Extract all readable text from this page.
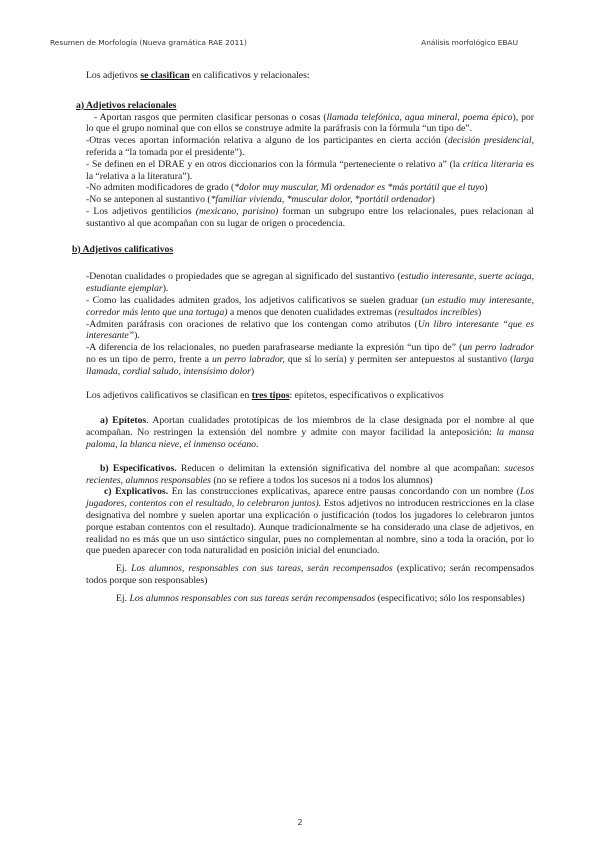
Resumen de Morfología (Nueva gramática RAE 2011)	Análisis morfológico EBAU

Los adjetivos se clasifican en calificativos y relacionales:

a) Adjetivos relacionales

- Aportan rasgos que permiten clasificar personas o cosas (llamada telefónica, agua mineral, poema épico), por lo que el grupo nominal que con ellos se construye admite la paráfrasis con la fórmula “un tipo de”.

-Otras veces aportan información relativa a alguno de los participantes en cierta acción (decisión presidencial, referida a “la tomada por el presidente”).

- Se definen en el DRAE y en otros diccionarios con la fórmula “perteneciente o relativo a” (la crítica literaria es la “relativa a la literatura”).

-No admiten modificadores de grado (*dolor muy muscular, Mi ordenador es *más portátil que el tuyo)

-No se anteponen al sustantivo (*familiar vivienda, *muscular dolor, *portátil ordenador)

- Los adjetivos gentilicios (mexicano, parisino) forman un subgrupo entre los relacionales, pues relacionan al sustantivo al que acompañan con su lugar de origen o procedencia.

b) Adjetivos calificativos

-Denotan cualidades o propiedades que se agregan al significado del sustantivo (estudio interesante, suerte aciaga, estudiante ejemplar).

- Como las cualidades admiten grados, los adjetivos calificativos se suelen graduar (un estudio muy interesante, corredor más lento que una tortuga) a menos que denoten cualidades extremas (resultados increíbles)

-Admiten paráfrasis con oraciones de relativo que los contengan como atributos (Un libro interesante “que es interesante”).

-A diferencia de los relacionales, no pueden parafrasearse mediante la expresión “un tipo de” (un perro ladrador no es un tipo de perro, frente a un perro labrador, que sí lo sería) y permiten ser antepuestos al sustantivo (larga llamada, cordial saludo, intensísimo dolor)

Los adjetivos calificativos se clasifican en tres tipos: epítetos, especificativos o explicativos

a) Epítetos. Aportan cualidades prototípicas de los miembros de la clase designada por el nombre al que acompañan. No restringen la extensión del nombre y admite con mayor facilidad la anteposición: la mansa paloma, la blanca nieve, el inmenso océano.

b) Especificativos. Reducen o delimitan la extensión significativa del nombre al que acompañan: sucesos recientes, alumnos responsables (no se refiere a todos los sucesos ni a todos los alumnos)

c) Explicativos. En las construcciones explicativas, aparece entre pausas concordando con un nombre (Los jugadores, contentos con el resultado, lo celebraron juntos). Estos adjetivos no introducen restricciones en la clase designativa del nombre y suelen aportar una explicación o justificación (todos los jugadores lo celebraron juntos porque estaban contentos con el resultado). Aunque tradicionalmente se ha considerado una clase de adjetivos, en realidad no es más que un uso sintáctico singular, pues no complementan al nombre, sino a toda la oración, por lo que pueden aparecer con toda naturalidad en posición inicial del enunciado.

Ej. Los alumnos, responsables con sus tareas, serán recompensados (explicativo; serán recompensados todos porque son responsables)

Ej. Los alumnos responsables con sus tareas serán recompensados (especificativo; sólo los responsables)

2
